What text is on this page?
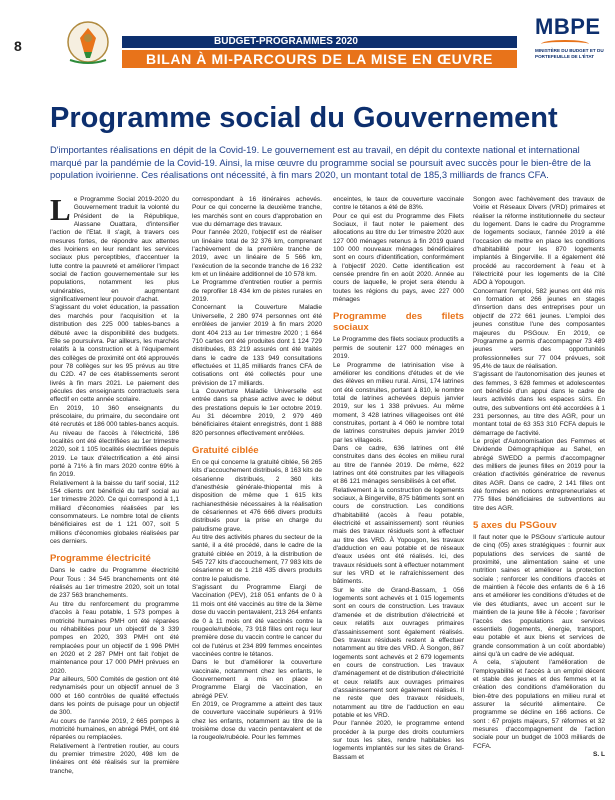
8	BUDGET-PROGRAMMES 2020
BILAN À MI-PARCOURS DE LA MISE EN ŒUVRE
MBPE
MINISTÈRE DU BUDGET ET DU PORTEFEUILLE DE L'ÉTAT
Programme social du Gouvernement
D'importantes réalisations en dépit de la Covid-19. Le gouvernement est au travail, en dépit du contexte national et international marqué par la pandémie de la Covid-19. Ainsi, la mise œuvre du programme social se poursuit avec succès pour le bien-être de la population ivoirienne. Ces réalisations ont nécessité, à fin mars 2020, un montant total de 185,3 milliards de francs CFA.

Le Programme Social 2019-2020 du Gouvernement traduit la volonté du Président de la République, Alassane Ouattara, d'intensifier l'action de l'Etat. Il s'agit, à travers ces mesures fortes, de répondre aux attentes des Ivoiriens en leur rendant les services sociaux plus perceptibles, d'accentuer la lutte contre la pauvreté et améliorer l'impact social de l'action gouvernementale sur les populations, notamment les plus vulnérables, en augmentant significativement leur pouvoir d'achat.

S'agissant du volet éducation, la passation des marchés pour l'acquisition et la distribution des 225 000 tables-bancs a débuté avec la disponibilité des budgets. Elle se poursuivra. Par ailleurs, les marchés relatifs à la construction et à l'équipement des collèges de proximité ont été approuvés pour 78 collèges sur les 95 prévus au titre du C2D. 47 de ces établissements seront livrés à fin mars 2021. Le paiement des pécules des enseignants contractuels sera effectif en cette année scolaire.

En 2019, 10 360 enseignants du préscolaire, du primaire, du secondaire ont été recrutés et 186 000 tables-bancs acquis.

Au niveau de l'accès à l'électricité, 186 localités ont été électrifiées au 1er trimestre 2020, soit 1 105 localités électrifiées depuis 2019. Le taux d'électrification a été ainsi porté à 71% à fin mars 2020 contre 69% à fin 2019.

Relativement à la baisse du tarif social, 112 154 clients ont bénéficié du tarif social au 1er trimestre 2020. Ce qui correspond à 1,1 milliard d'économies réalisées par les consommateurs. Le nombre total de clients bénéficiaires est de 1 121 007, soit 5 millions d'économies globales réalisées par ces derniers.

Programme électricité

Dans le cadre du Programme électricité Pour Tous : 34 545 branchements ont été réalisés au 1er trimestre 2020, soit un total de 237 563 branchements.

Au titre du renforcement du programme d'accès à l'eau potable, 1 573 pompes à motricité humaines PMH ont été réparées ou réhabilitées pour un objectif de 3 339 pompes en 2020, 393 PMH ont été remplacées pour un objectif de 1 996 PMH en 2020 et 2 287 PMH ont fait l'objet de maintenance pour 17 000 PMH prévues en 2020.

Par ailleurs, 500 Comités de gestion ont été redynamisés pour un objectif annuel de 3 000 et 160 contrôles de qualité effectués dans les points de puisage pour un objectif de 300.

Au cours de l'année 2019, 2 665 pompes à motricité humaines, en abrégé PMH, ont été réparées ou remplacées.

Relativement à l'entretien routier, au cours du premier trimestre 2020, 498 km de linéaires ont été réalisés sur la première tranche,

correspondant à 16 itinéraires achevés. Pour ce qui concerne la deuxième tranche, les marchés sont en cours d'approbation en vue du démarrage des travaux.

Pour l'année 2020, l'objectif est de réaliser un linéaire total de 32 376 km, comprenant l'achèvement de la première tranche de 2019, avec un linéaire de 5 566 km, l'exécution de la seconde tranche de 16 232 km et un linéaire additionnel de 10 578 km.

Le Programme d'entretien routier a permis de reprofiler 18 434 km de pistes rurales en 2019.

Concernant la Couverture Maladie Universelle, 2 280 974 personnes ont été enrôlées de janvier 2019 à fin mars 2020 dont 404 213 au 1er trimestre 2020 ; 1 664 710 cartes ont été produites dont 1 124 729 distribuées, 83 219 assurés ont été traités dans le cadre de 133 949 consultations effectuées et 11,85 milliards francs CFA de cotisations ont été collectés pour une prévision de 17 milliards.

La Couverture Maladie Universelle est entrée dans sa phase active avec le début des prestations depuis le 1er octobre 2019. Au 31 décembre 2019, 2 979 469 bénéficiaires étaient enregistrés, dont 1 888 820 personnes effectivement enrôlées.

Gratuité ciblée

En ce qui concerne la gratuité ciblée, 56 265 kits d'accouchement distribués, 8 163 kits de césarienne distribués, 2 360 kits d'anesthésie générale-thiopental mis à disposition de même que 1 615 kits rachianesthésie nécessaires à la réalisation de césariennes et 476 666 divers produits distribués pour la prise en charge du paludisme grave.

Au titre des activités phares du secteur de la santé, il a été procédé, dans le cadre de la gratuité ciblée en 2019, à la distribution de 545 727 kits d'accouchement, 77 983 kits de césarienne et de 1 218 435 divers produits contre le paludisme.

S'agissant du Programme Elargi de Vaccination (PEV), 218 051 enfants de 0 à 11 mois ont été vaccinés au titre de la 3ème dose du vaccin pentavalent, 213 264 enfants de 0 à 11 mois ont été vaccinés contre la rougeole/rubéole, 73 918 filles ont reçu leur première dose du vaccin contre le cancer du col de l'utérus et 234 899 femmes enceintes vaccinées contre le tétanos.

Dans le but d'améliorer la couverture vaccinale, notamment chez les enfants, le Gouvernement a mis en place le Programme Elargi de Vaccination, en abrégé PEV.

En 2019, ce Programme a atteint des taux de couverture vaccinale supérieurs à 91% chez les enfants, notamment au titre de la troisième dose du vaccin pentavalent et de la rougeole/rubéole. Pour les femmes

enceintes, le taux de couverture vaccinale contre le tétanos a été de 83%.

Pour ce qui est du Programme des Filets Sociaux, il faut noter le paiement des allocations au titre du 1er trimestre 2020 aux 127 000 ménages retenus à fin 2019 quand 100 000 nouveaux ménages bénéficiaires sont en cours d'identification, conformément à l'objectif 2020. Cette identification est censée prendre fin en août 2020. Année au cours de laquelle, le projet sera étendu à toutes les régions du pays, avec 227 000 ménages

Programme des filets sociaux

Le Programme des filets sociaux productifs a permis de soutenir 127 000 ménages en 2019.

Le Programme de latrinisation vise à améliorer les conditions d'études et de vie des élèves en milieu rural. Ainsi, 174 latrines ont été construites, portant à 810, le nombre total de latrines achevées depuis janvier 2019, sur les 1 338 prévues. Au même moment, 3 428 latrines villageoises ont été construites, portant à 4 060 le nombre total de latrines construites depuis janvier 2019 par les villageois.

Dans ce cadre, 636 latrines ont été construites dans des écoles en milieu rural au titre de l'année 2019. De même, 622 latrines ont été construites par les villageois et 86 121 ménages sensibilisés à cet effet.

Relativement à la construction de logements sociaux, à Bingerville, 875 bâtiments sont en cours de construction. Les conditions d'habitabilité (accès à l'eau potable, électricité et assainissement) sont réunies mais des travaux résiduels sont à effectuer au titre des VRD. À Yopougon, les travaux d'adduction en eau potable et de réseaux d'eaux usées ont été réalisés. Ici, des travaux résiduels sont à effectuer notamment sur les VRD et le rafraîchissement des bâtiments.

Sur le site de Grand-Bassam, 1 056 logements sont achevés et 1 015 logements sont en cours de construction. Les travaux d'amenée et de distribution d'électricité et ceux relatifs aux ouvrages primaires d'assainissement sont également réalisés. Des travaux résiduels restent à effectuer notamment au titre des VRD. À Songon, 867 logements sont achevés et 2 679 logements en cours de construction. Les travaux d'aménagement et de distribution d'électricité et ceux relatifs aux ouvrages primaires d'assainissement sont également réalisés. Il ne reste que des travaux résiduels, notamment au titre de l'adduction en eau potable et les VRD.

Pour l'année 2020, le programme entend procéder à la purge des droits coutumiers sur tous les sites, rendre habitables les logements implantés sur les sites de Grand-Bassam et

Songon avec l'achèvement des travaux de Voirie et Réseaux Divers (VRD) primaires et réaliser la réforme institutionnelle du secteur du logement. Dans le cadre du Programme de logements sociaux, l'année 2019 a été l'occasion de mettre en place les conditions d'habitabilité pour les 870 logements implantés à Bingerville. Il a également été procédé au raccordement à l'eau et à l'électricité pour les logements de la Cité ADO à Yopougon.

Concernant l'emploi, 582 jeunes ont été mis en formation et 266 jeunes en stages d'insertion dans des entreprises pour un objectif de 272 661 jeunes. L'emploi des jeunes constitue l'une des composantes majeures du PSGouv. En 2019, ce Programme a permis d'accompagner 73 489 jeunes vers des opportunités professionnelles sur 77 004 prévues, soit 95,4% de taux de réalisation.

S'agissant de l'autonomisation des jeunes et des femmes, 3 628 femmes et adolescentes ont bénéficié d'un appui dans le cadre de leurs activités dans les espaces sûrs. En outre, des subventions ont été accordées à 1 231 personnes, au titre des AGR, pour un montant total de 63 353 310 FCFA depuis le démarrage de l'activité.

Le projet d'Autonomisation des Femmes et Dividende Démographique au Sahel, en abrégé SWEDD a permis d'accompagner des milliers de jeunes filles en 2019 pour la création d'activités génératrice de revenus dites AGR. Dans ce cadre, 2 141 filles ont été formées en notions entrepreneuriales et 775 filles bénéficiaires de subventions au titre des AGR.

5 axes du PSGouv

Il faut noter que le PSGouv s'articule autour de cinq (05) axes stratégiques : fournir aux populations des services de santé de proximité, une alimentation saine et une nutrition saines et améliorer la protection sociale ; renforcer les conditions d'accès et de maintien à l'école des enfants de 6 à 16 ans et améliorer les conditions d'études et de vie des étudiants, avec un accent sur le maintien de la jeune fille à l'école ; favoriser l'accès des populations aux services essentiels (logements, énergie, transport, eau potable et aux biens et services de grande consommation à un coût abordable) ainsi qu'à un cadre de vie adéquat.

A cela, s'ajoutent l'amélioration de l'employabilité et l'accès à un emploi décent et stable des jeunes et des femmes et la création des conditions d'amélioration du bien-être des populations en milieu rural et assurer la sécurité alimentaire. Ce programme se décline en 166 actions. Ce sont : 67 projets majeurs, 57 réformes et 32 mesures d'accompagnement de l'action sociale pour un budget de 1003 milliards de FCFA.

S. L
